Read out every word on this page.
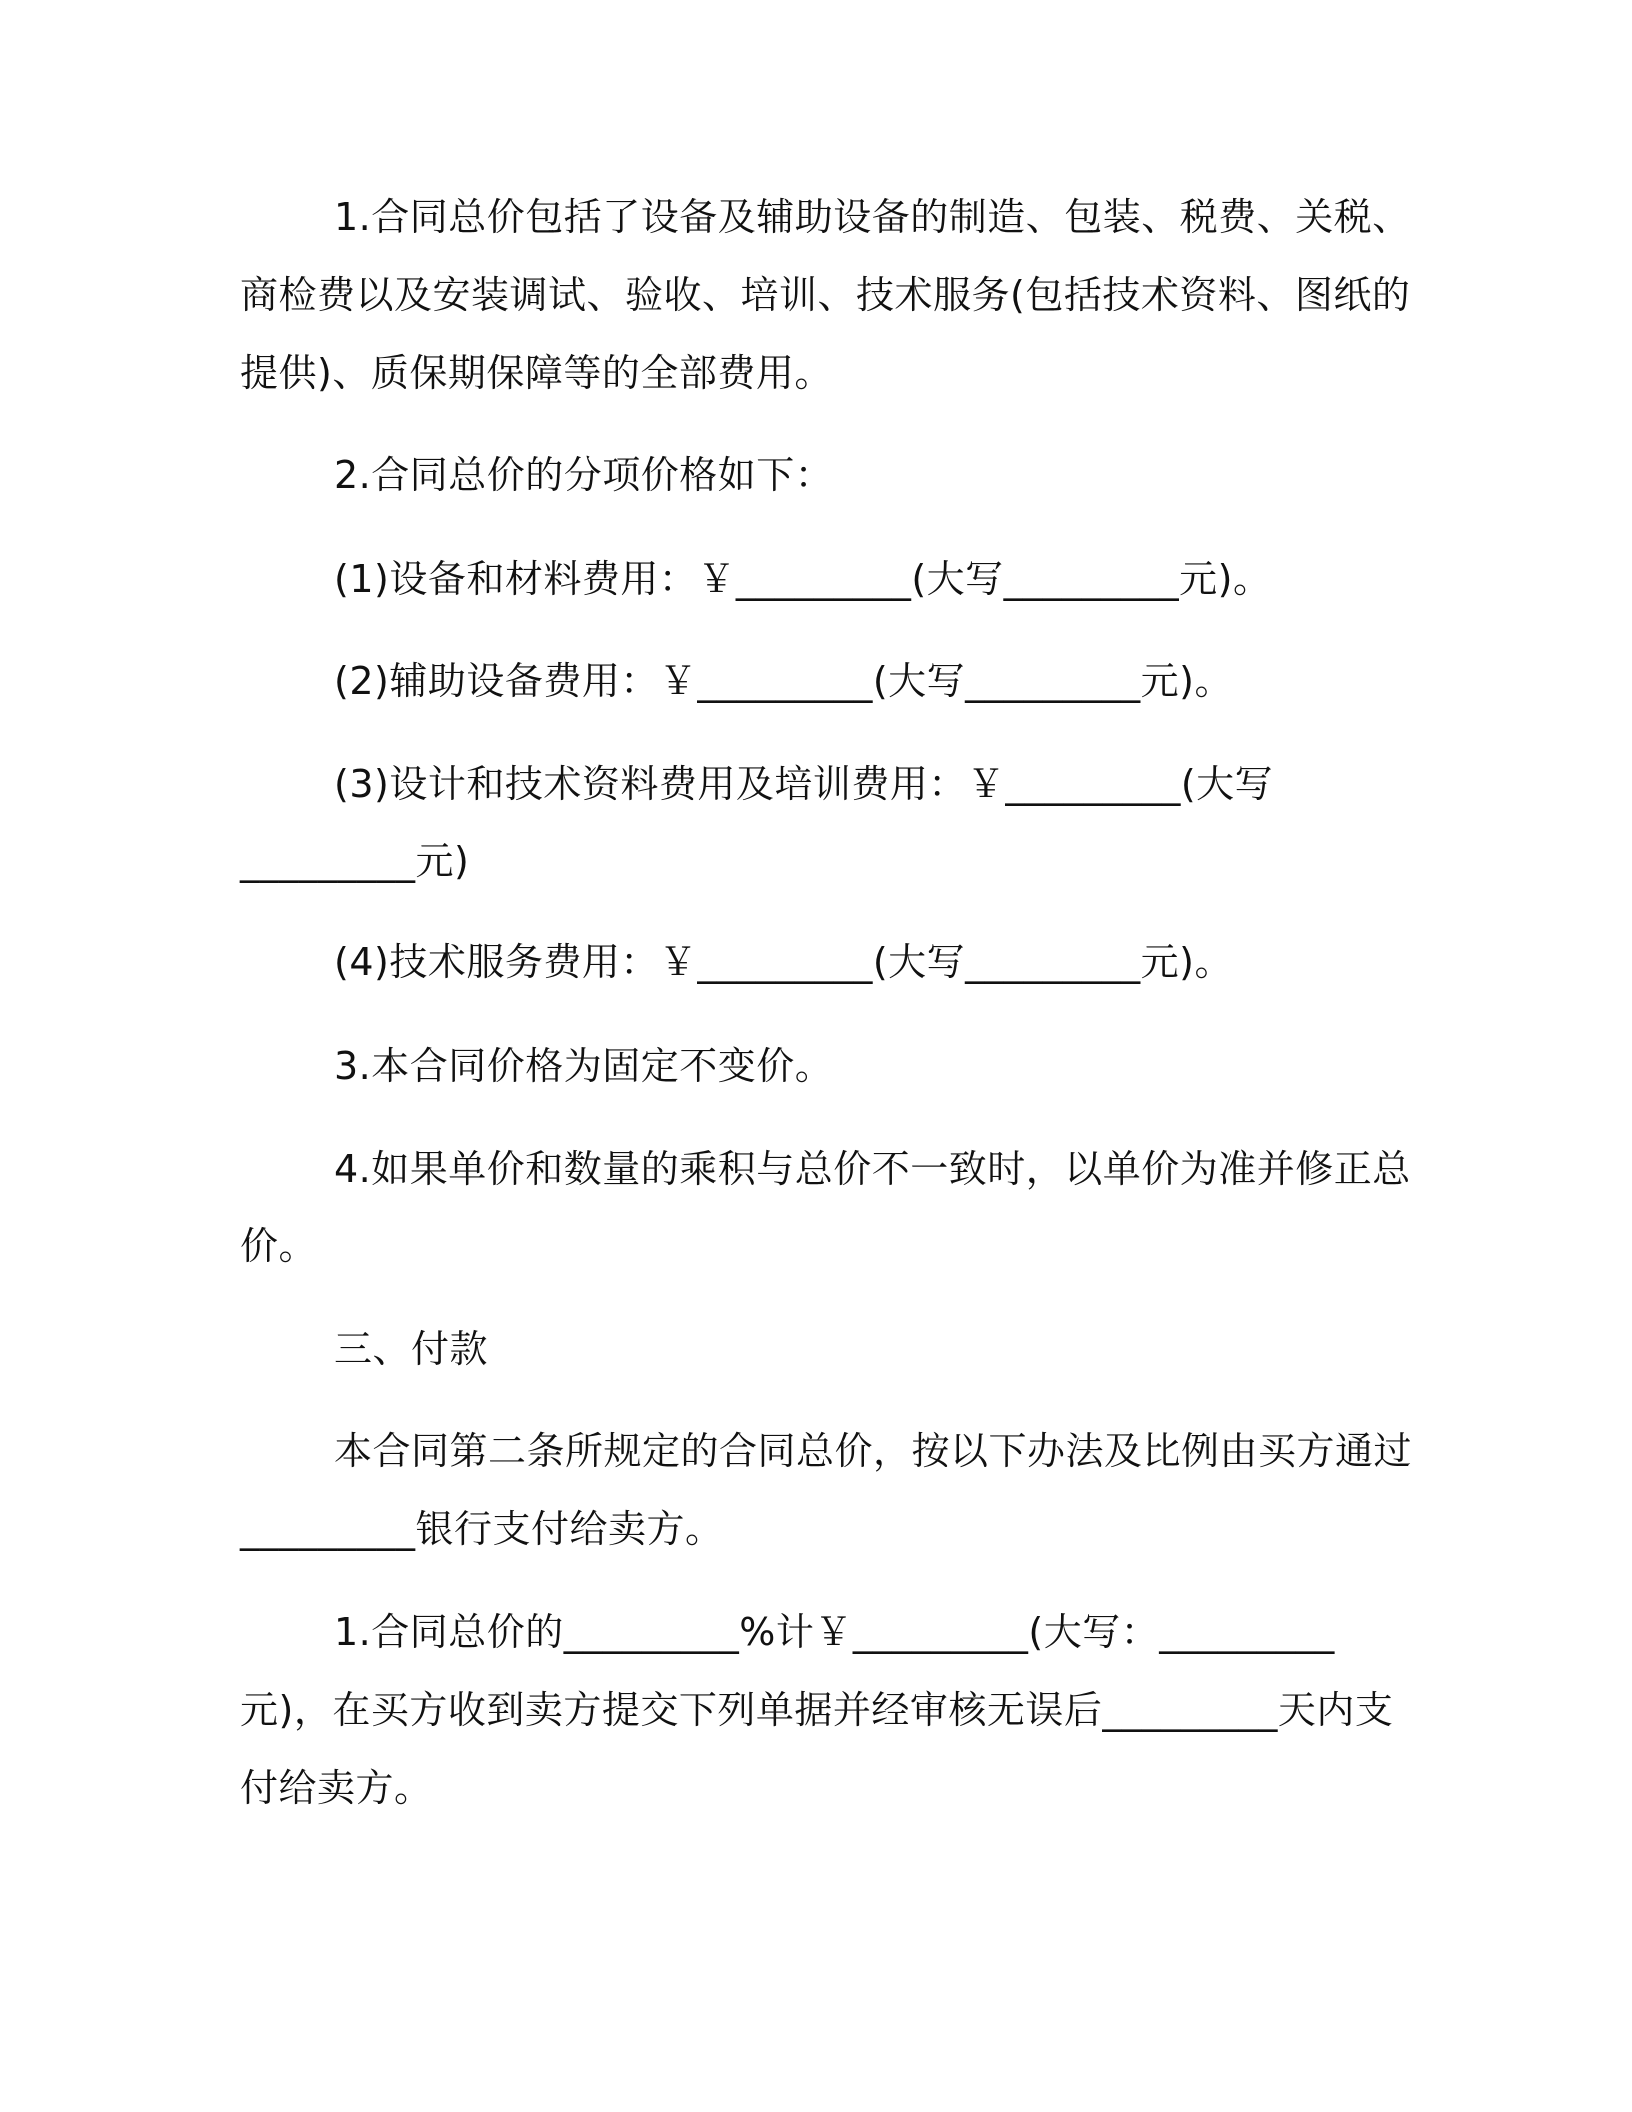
1.合同总价包括了设备及辅助设备的制造、包装、税费、关税、
商检费以及安装调试、验收、培训、技术服务(包括技术资料、图纸的
提供)、质保期保障等的全部费用。
2.合同总价的分项价格如下：
(1)设备和材料费用：￥_________(大写_________元)。
(2)辅助设备费用：￥_________(大写_________元)。
(3)设计和技术资料费用及培训费用：￥_________(大写
_________元)
(4)技术服务费用：￥_________(大写_________元)。
3.本合同价格为固定不变价。
4.如果单价和数量的乘积与总价不一致时，以单价为准并修正总
价。
三、付款
本合同第二条所规定的合同总价，按以下办法及比例由买方通过
_________银行支付给卖方。
1.合同总价的_________%计￥_________(大写：_________
元)，在买方收到卖方提交下列单据并经审核无误后_________天内支
付给卖方。
